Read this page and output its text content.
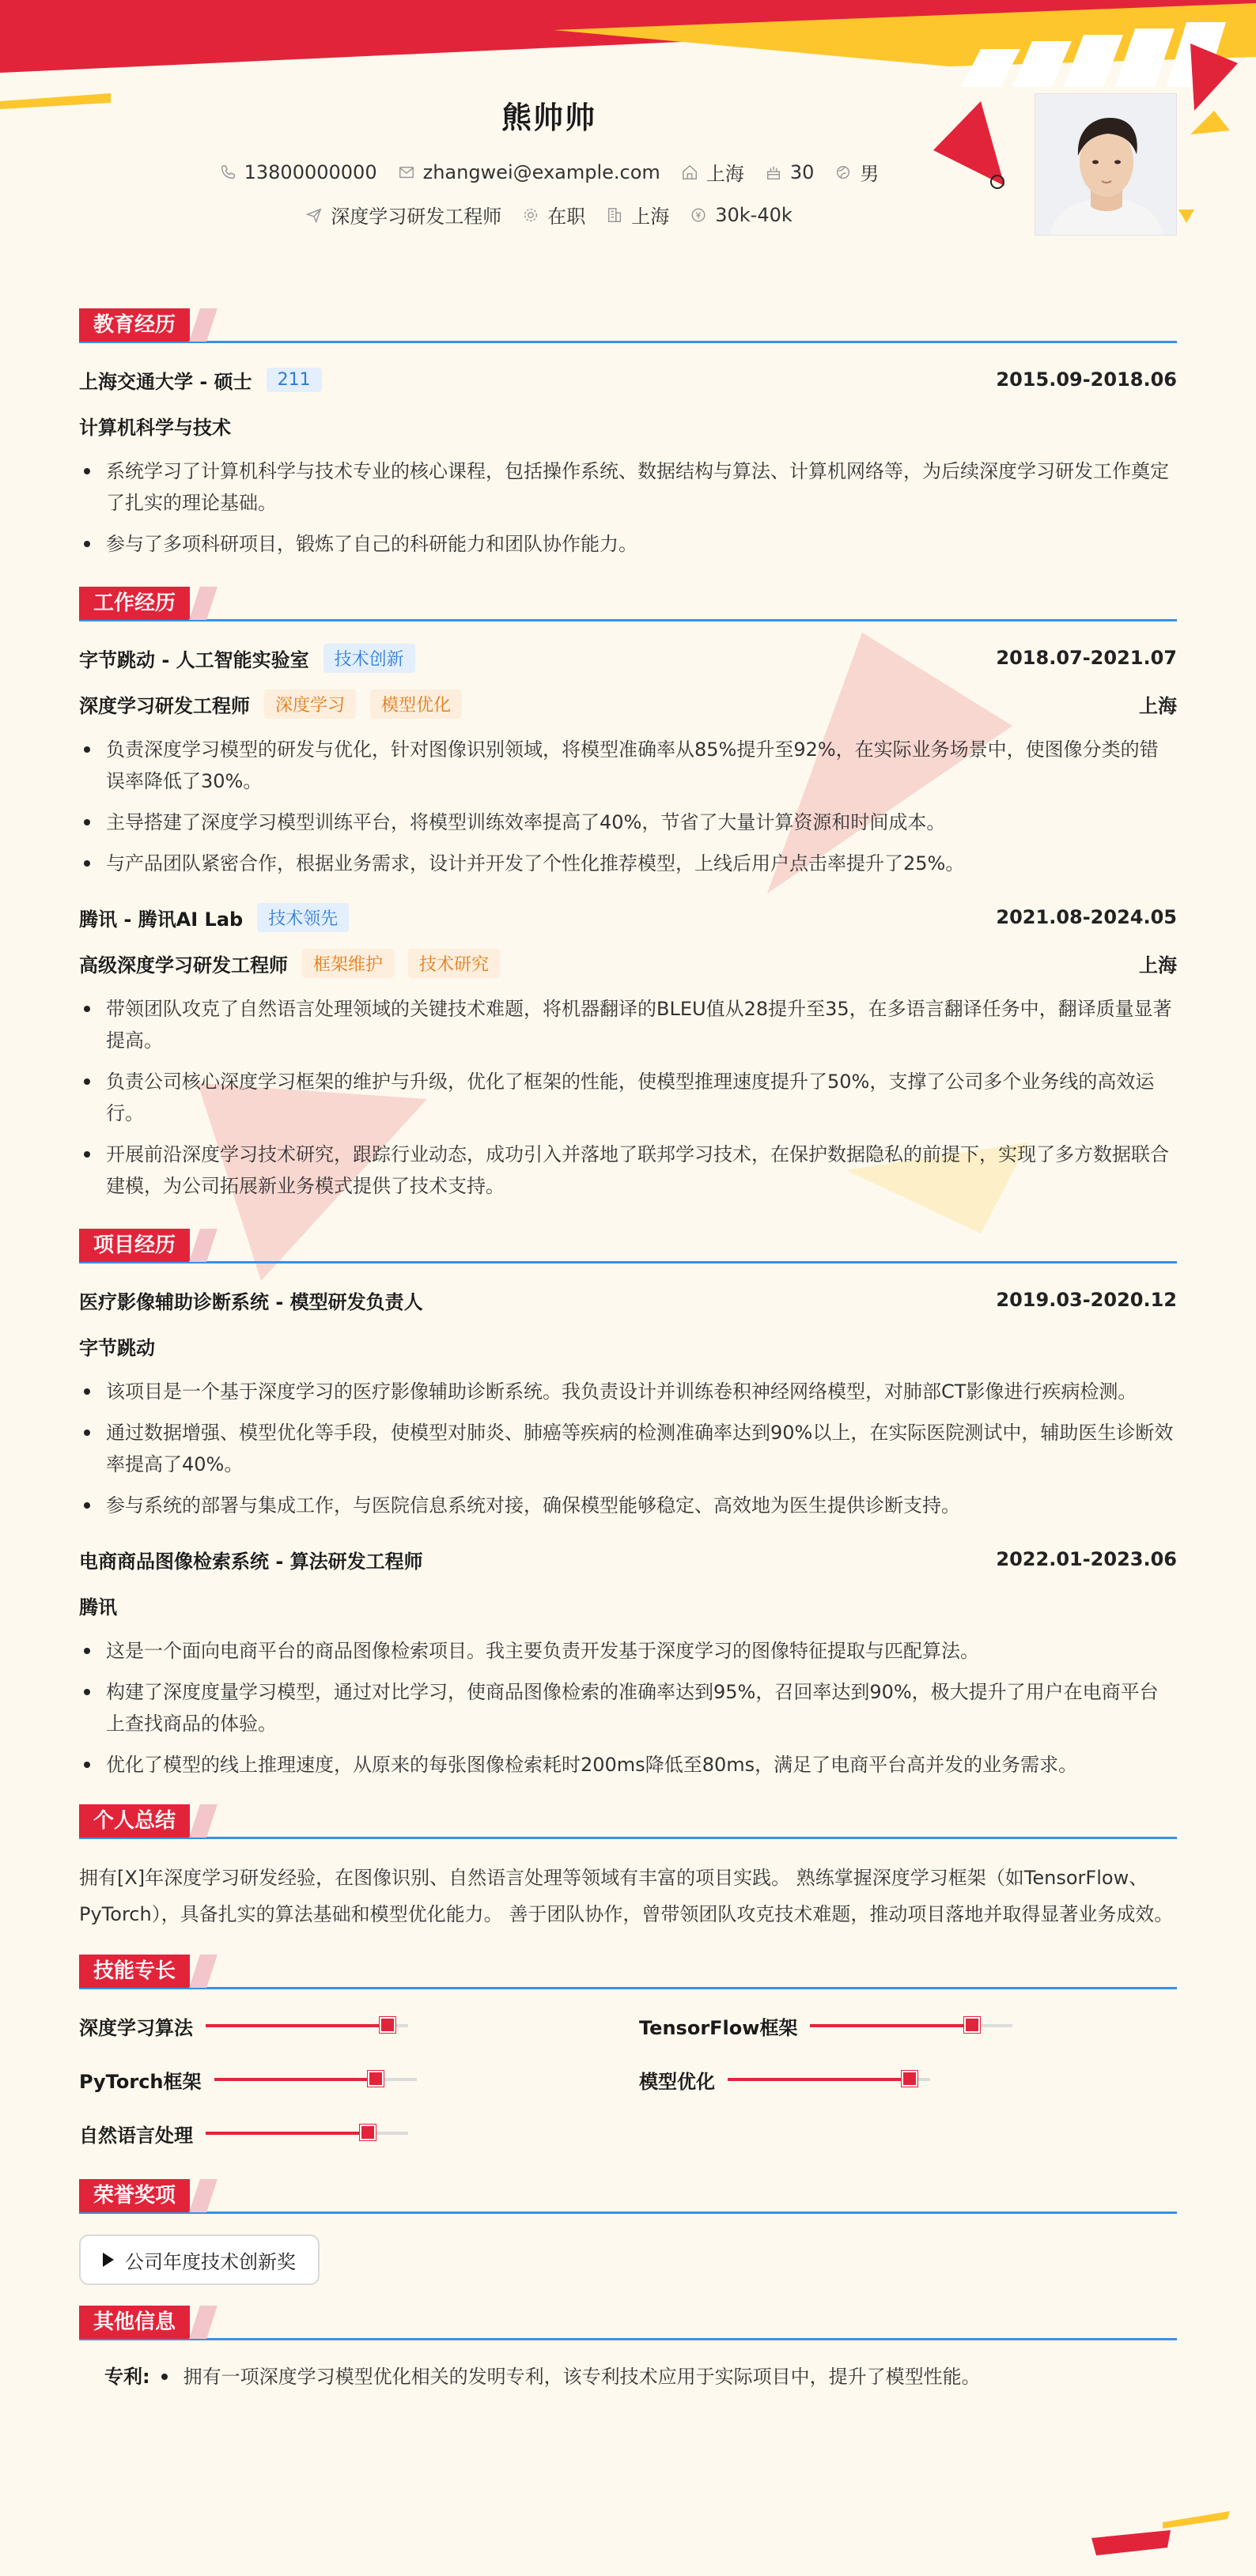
熊帅帅
13800000000 zhangwei@example.com 上海 30 男
深度学习研发工程师 在职 上海 30k-40k
教育经历
上海交通大学 - 硕士	211	2015.09-2018.06
计算机科学与技术
系统学习了计算机科学与技术专业的核心课程，包括操作系统、数据结构与算法、计算机网络等，为后续深度学习研发工作奠定了扎实的理论基础。
参与了多项科研项目，锻炼了自己的科研能力和团队协作能力。
工作经历
字节跳动 - 人工智能实验室	技术创新	2018.07-2021.07
深度学习研发工程师	深度学习	模型优化	上海
负责深度学习模型的研发与优化，针对图像识别领域，将模型准确率从85%提升至92%，在实际业务场景中，使图像分类的错误率降低了30%。
主导搭建了深度学习模型训练平台，将模型训练效率提高了40%，节省了大量计算资源和时间成本。
与产品团队紧密合作，根据业务需求，设计并开发了个性化推荐模型，上线后用户点击率提升了25%。
腾讯 - 腾讯AI Lab	技术领先	2021.08-2024.05
高级深度学习研发工程师	框架维护	技术研究	上海
带领团队攻克了自然语言处理领域的关键技术难题，将机器翻译的BLEU值从28提升至35，在多语言翻译任务中，翻译质量显著提高。
负责公司核心深度学习框架的维护与升级，优化了框架的性能，使模型推理速度提升了50%，支撑了公司多个业务线的高效运行。
开展前沿深度学习技术研究，跟踪行业动态，成功引入并落地了联邦学习技术，在保护数据隐私的前提下，实现了多方数据联合建模，为公司拓展新业务模式提供了技术支持。
项目经历
医疗影像辅助诊断系统 - 模型研发负责人	2019.03-2020.12
字节跳动
该项目是一个基于深度学习的医疗影像辅助诊断系统。我负责设计并训练卷积神经网络模型，对肺部CT影像进行疾病检测。
通过数据增强、模型优化等手段，使模型对肺炎、肺癌等疾病的检测准确率达到90%以上，在实际医院测试中，辅助医生诊断效率提高了40%。
参与系统的部署与集成工作，与医院信息系统对接，确保模型能够稳定、高效地为医生提供诊断支持。
电商商品图像检索系统 - 算法研发工程师	2022.01-2023.06
腾讯
这是一个面向电商平台的商品图像检索项目。我主要负责开发基于深度学习的图像特征提取与匹配算法。
构建了深度度量学习模型，通过对比学习，使商品图像检索的准确率达到95%，召回率达到90%，极大提升了用户在电商平台上查找商品的体验。
优化了模型的线上推理速度，从原来的每张图像检索耗时200ms降低至80ms，满足了电商平台高并发的业务需求。
个人总结

拥有[X]年深度学习研发经验，在图像识别、自然语言处理等领域有丰富的项目实践。 熟练掌握深度学习框架（如TensorFlow、PyTorch），具备扎实的算法基础和模型优化能力。 善于团队协作，曾带领团队攻克技术难题，推动项目落地并取得显著业务成效。

技能专长
深度学习算法	TensorFlow框架
PyTorch框架	模型优化
自然语言处理
荣誉奖项
公司年度技术创新奖
其他信息
专利: 拥有一项深度学习模型优化相关的发明专利，该专利技术应用于实际项目中，提升了模型性能。
